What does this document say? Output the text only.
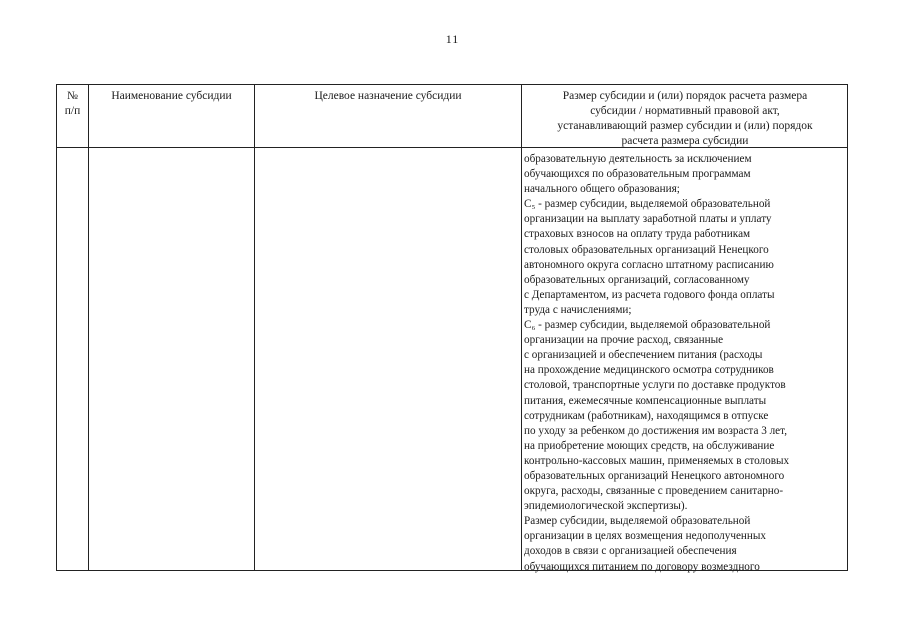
11
№
п/п
Наименование субсидии	Целевое назначение субсидии	Размер субсидии и (или) порядок расчета размера
субсидии / нормативный правовой акт,
устанавливающий размер субсидии и (или) порядок
расчета размера субсидии
образовательную деятельность за исключением
обучающихся по образовательным программам
начального общего образования;
C₅ - размер субсидии, выделяемой образовательной
организации на выплату заработной платы и уплату
страховых взносов на оплату труда работникам
столовых образовательных организаций Ненецкого
автономного округа согласно штатному расписанию
образовательных организаций, согласованному
с Департаментом, из расчета годового фонда оплаты
труда с начислениями;
C₆ - размер субсидии, выделяемой образовательной
организации на прочие расход, связанные
с организацией и обеспечением питания (расходы
на прохождение медицинского осмотра сотрудников
столовой, транспортные услуги по доставке продуктов
питания, ежемесячные компенсационные выплаты
сотрудникам (работникам), находящимся в отпуске
по уходу за ребенком до достижения им возраста 3 лет,
на приобретение моющих средств, на обслуживание
контрольно-кассовых машин, применяемых в столовых
образовательных организаций Ненецкого автономного
округа, расходы, связанные с проведением санитарно-
эпидемиологической экспертизы).
Размер субсидии, выделяемой образовательной
организации в целях возмещения недополученных
доходов в связи с организацией обеспечения
обучающихся питанием по договору возмездного
